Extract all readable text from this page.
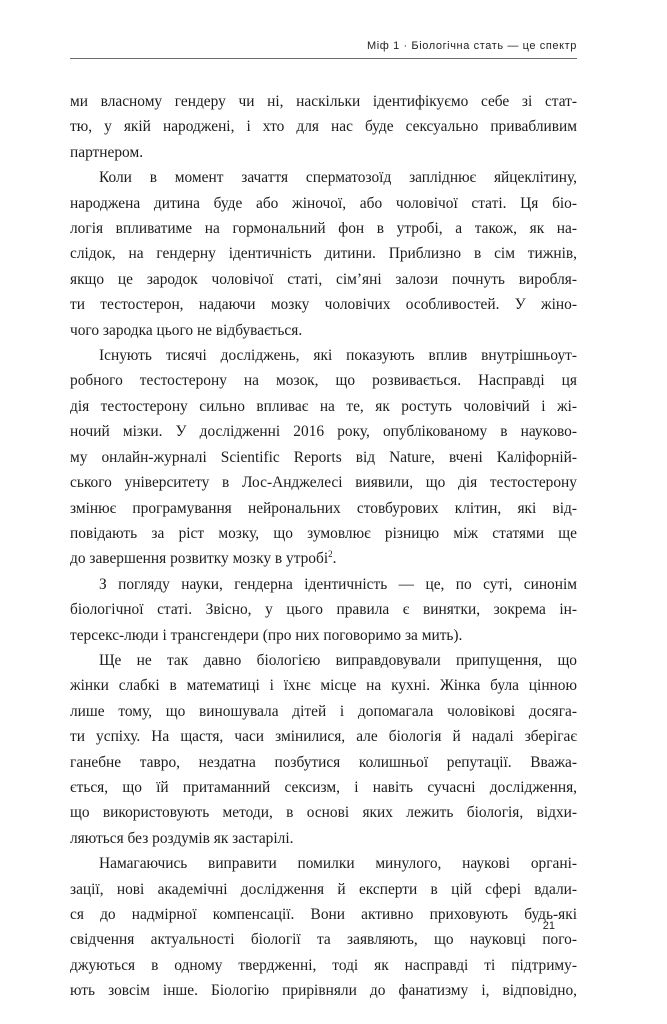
Міф 1 · Біологічна стать — це спектр
ми власному гендеру чи ні, наскільки ідентифікуємо себе зі стат-
тю, у якій народжені, і хто для нас буде сексуально привабливим
партнером.
Коли в момент зачаття сперматозоїд запліднює яйцеклітину,
народжена дитина буде або жіночої, або чоловічої статі. Ця біо-
логія впливатиме на гормональний фон в утробі, а також, як на-
слідок, на гендерну ідентичність дитини. Приблизно в сім тижнів,
якщо це зародок чоловічої статі, сім’яні залози почнуть виробля-
ти тестостерон, надаючи мозку чоловічих особливостей. У жіно-
чого зародка цього не відбувається.
Існують тисячі досліджень, які показують вплив внутрішньоут-
робного тестостерону на мозок, що розвивається. Насправді ця
дія тестостерону сильно впливає на те, як ростуть чоловічий і жі-
ночий мізки. У дослідженні 2016 року, опублікованому в науково-
му онлайн-журналі Scientific Reports від Nature, вчені Каліфорній-
ського університету в Лос-Анджелесі виявили, що дія тестостерону
змінює програмування нейрональних стовбурових клітин, які від-
повідають за ріст мозку, що зумовлює різницю між статями ще
до завершення розвитку мозку в утробі$^2$.
З погляду науки, гендерна ідентичність — це, по суті, синонім
біологічної статі. Звісно, у цього правила є винятки, зокрема ін-
терсекс-люди і трансгендери (про них поговоримо за мить).
Ще не так давно біологією виправдовували припущення, що
жінки слабкі в математиці і їхнє місце на кухні. Жінка була цінною
лише тому, що виношувала дітей і допомагала чоловікові досяга-
ти успіху. На щастя, часи змінилися, але біологія й надалі зберігає
ганебне тавро, нездатна позбутися колишньої репутації. Вважа-
ється, що їй притаманний сексизм, і навіть сучасні дослідження,
що використовують методи, в основі яких лежить біологія, відхи-
ляються без роздумів як застарілі.
Намагаючись виправити помилки минулого, наукові органі-
зації, нові академічні дослідження й експерти в цій сфері вдали-
ся до надмірної компенсації. Вони активно приховують будь-які
свідчення актуальності біології та заявляють, що науковці пого-
джуються в одному твердженні, тоді як насправді ті підтриму-
ють зовсім інше. Біологію прирівняли до фанатизму і, відповідно,
21
